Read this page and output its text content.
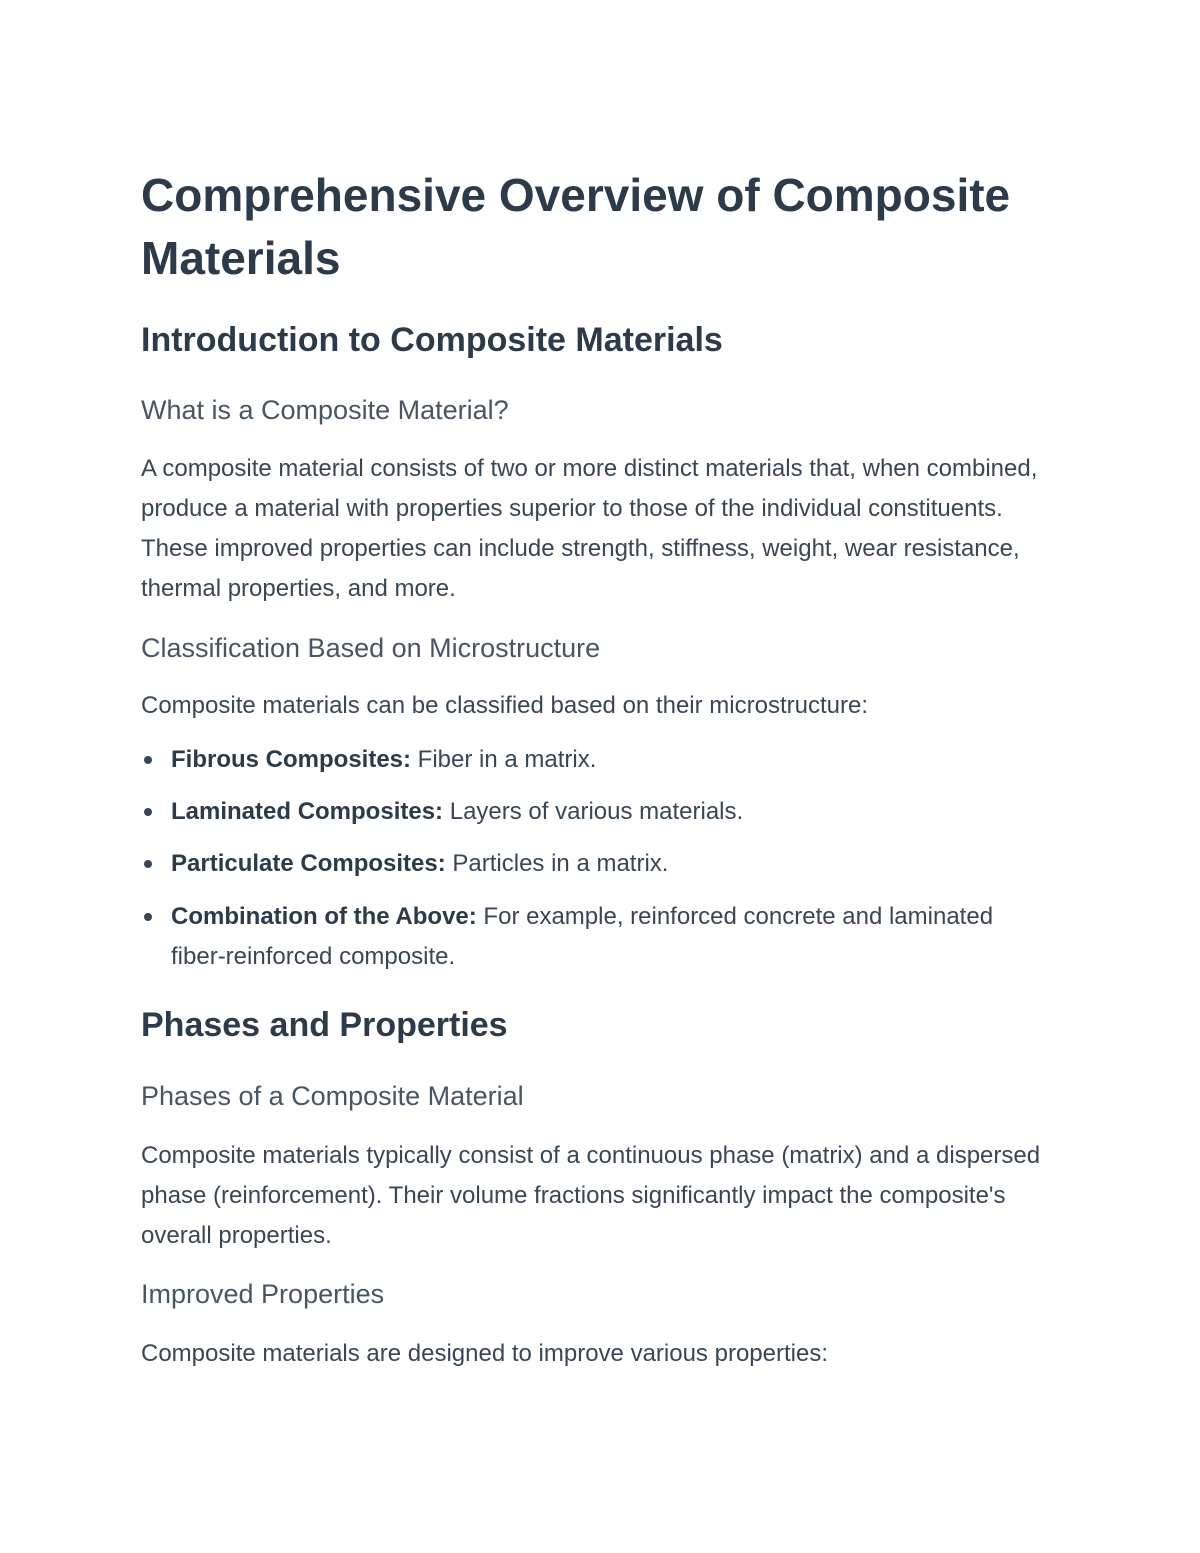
Comprehensive Overview of Composite Materials
Introduction to Composite Materials
What is a Composite Material?

A composite material consists of two or more distinct materials that, when combined, produce a material with properties superior to those of the individual constituents. These improved properties can include strength, stiffness, weight, wear resistance, thermal properties, and more.

Classification Based on Microstructure

Composite materials can be classified based on their microstructure:

Fibrous Composites: Fiber in a matrix.
Laminated Composites: Layers of various materials.
Particulate Composites: Particles in a matrix.
Combination of the Above: For example, reinforced concrete and laminated fiber-reinforced composite.
Phases and Properties
Phases of a Composite Material

Composite materials typically consist of a continuous phase (matrix) and a dispersed phase (reinforcement). Their volume fractions significantly impact the composite's overall properties.

Improved Properties

Composite materials are designed to improve various properties:
